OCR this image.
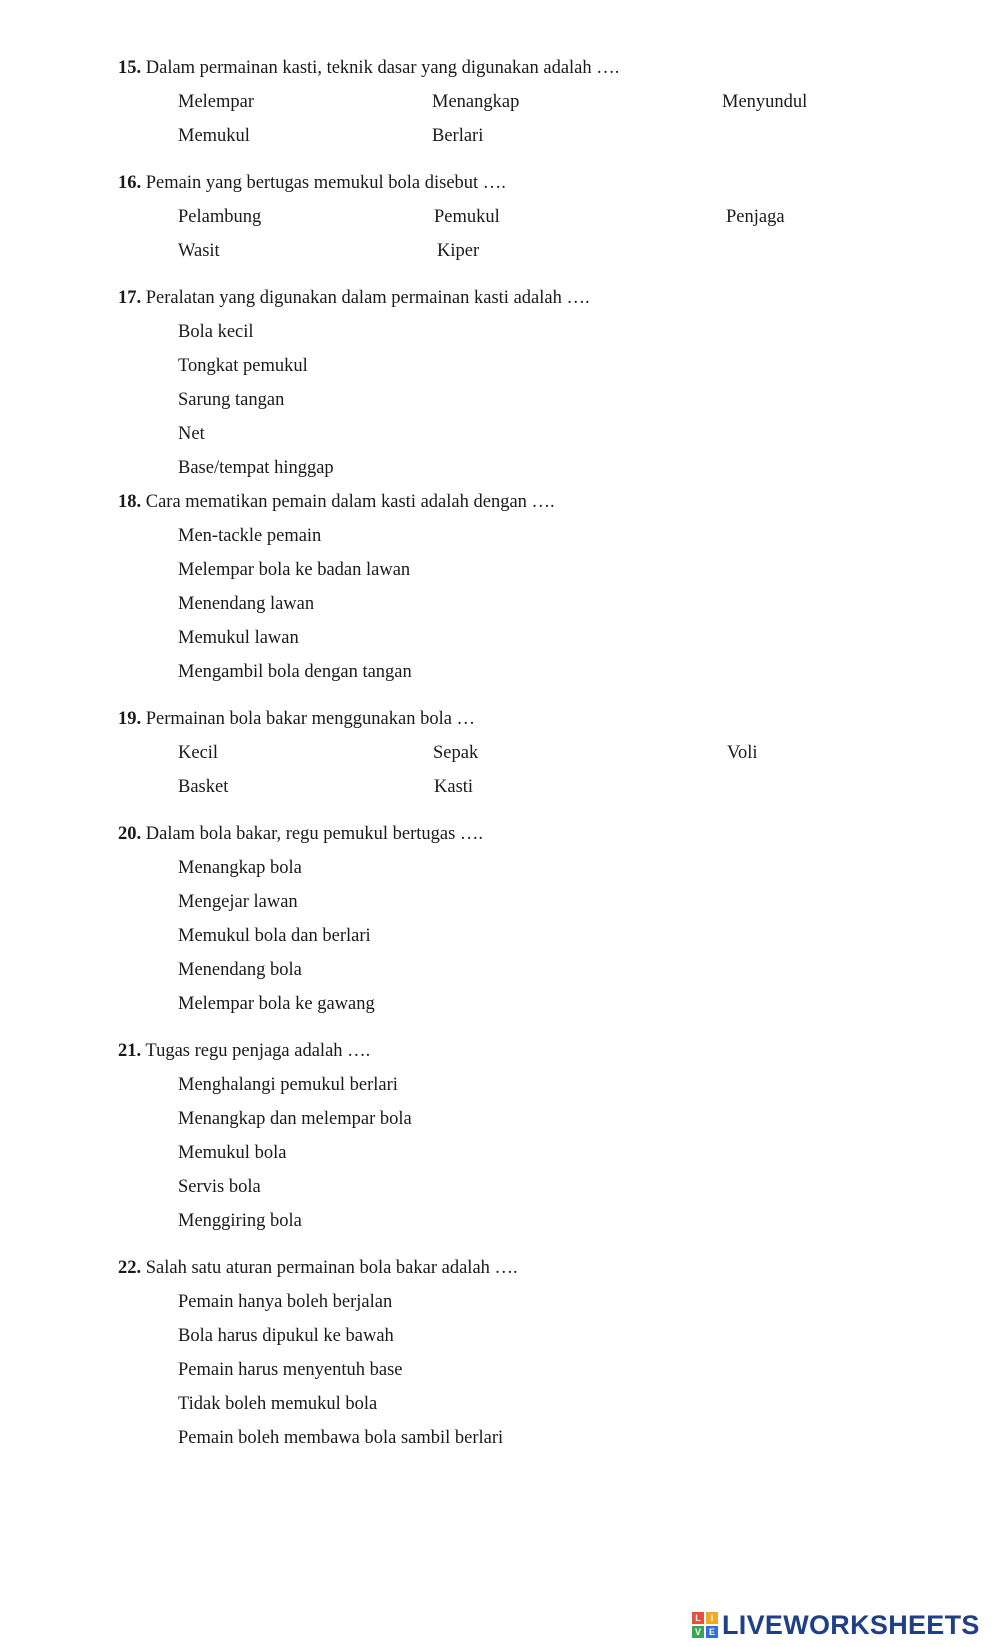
15. Dalam permainan kasti, teknik dasar yang digunakan adalah ….
Melempar	Menangkap	Menyundul
Memukul	Berlari
16. Pemain yang bertugas memukul bola disebut ….
Pelambung	Pemukul	Penjaga
Wasit	Kiper
17. Peralatan yang digunakan dalam permainan kasti adalah ….
Bola kecil
Tongkat pemukul
Sarung tangan
Net
Base/tempat hinggap
18. Cara mematikan pemain dalam kasti adalah dengan ….
Men-tackle pemain
Melempar bola ke badan lawan
Menendang lawan
Memukul lawan
Mengambil bola dengan tangan
19. Permainan bola bakar menggunakan bola …
Kecil	Sepak	Voli
Basket	Kasti
20. Dalam bola bakar, regu pemukul bertugas ….
Menangkap bola
Mengejar lawan
Memukul bola dan berlari
Menendang bola
Melempar bola ke gawang
21. Tugas regu penjaga adalah ….
Menghalangi pemukul berlari
Menangkap dan melempar bola
Memukul bola
Servis bola
Menggiring bola
22. Salah satu aturan permainan bola bakar adalah ….
Pemain hanya boleh berjalan
Bola harus dipukul ke bawah
Pemain harus menyentuh base
Tidak boleh memukul bola
Pemain boleh membawa bola sambil berlari
L	I
V E LIVEWORKSHEETS
